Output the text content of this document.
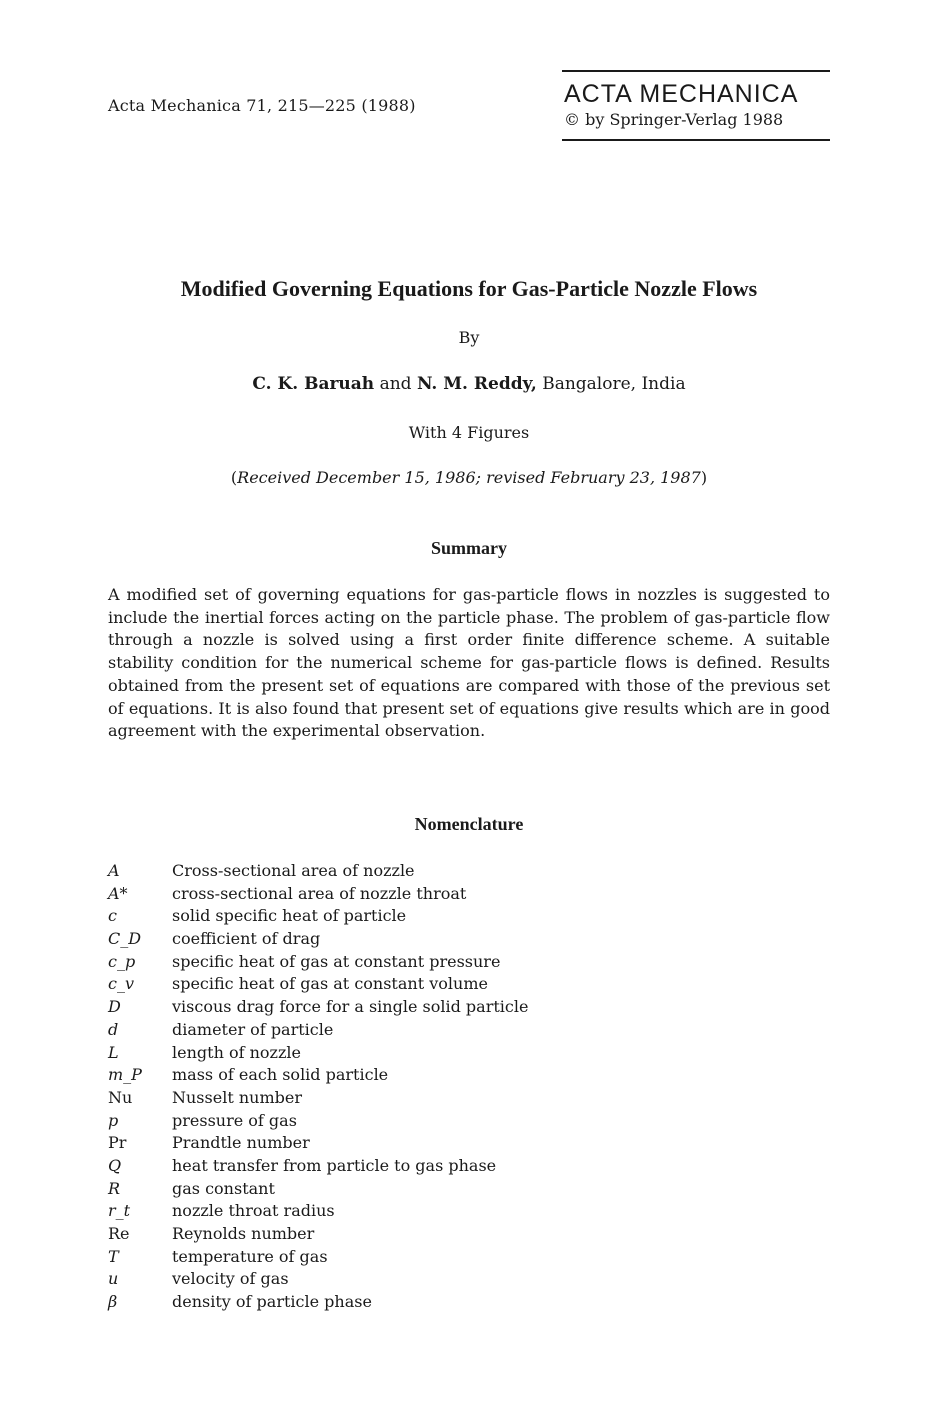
Acta Mechanica 71, 215—225 (1988)	ACTA MECHANICA
© by Springer-Verlag 1988
Modified Governing Equations for Gas-Particle Nozzle Flows
By
C. K. Baruah and N. M. Reddy, Bangalore, India
With 4 Figures
(Received December 15, 1986; revised February 23, 1987)
Summary
A modified set of governing equations for gas-particle flows in nozzles is suggested to include the inertial forces acting on the particle phase. The problem of gas-particle flow through a nozzle is solved using a first order finite difference scheme. A suitable stability condition for the numerical scheme for gas-particle flows is defined. Results obtained from the present set of equations are compared with those of the previous set of equations. It is also found that present set of equations give results which are in good agreement with the experimental observation.
Nomenclature
A	Cross-sectional area of nozzle
A*	cross-sectional area of nozzle throat
c	solid specific heat of particle
C_D	coefficient of drag
c_p	specific heat of gas at constant pressure
c_v	specific heat of gas at constant volume
D	viscous drag force for a single solid particle
d	diameter of particle
L	length of nozzle
m_P	mass of each solid particle
Nu	Nusselt number
p	pressure of gas
Pr	Prandtle number
Q	heat transfer from particle to gas phase
R	gas constant
r_t	nozzle throat radius
Re	Reynolds number
T	temperature of gas
u	velocity of gas
β	density of particle phase
